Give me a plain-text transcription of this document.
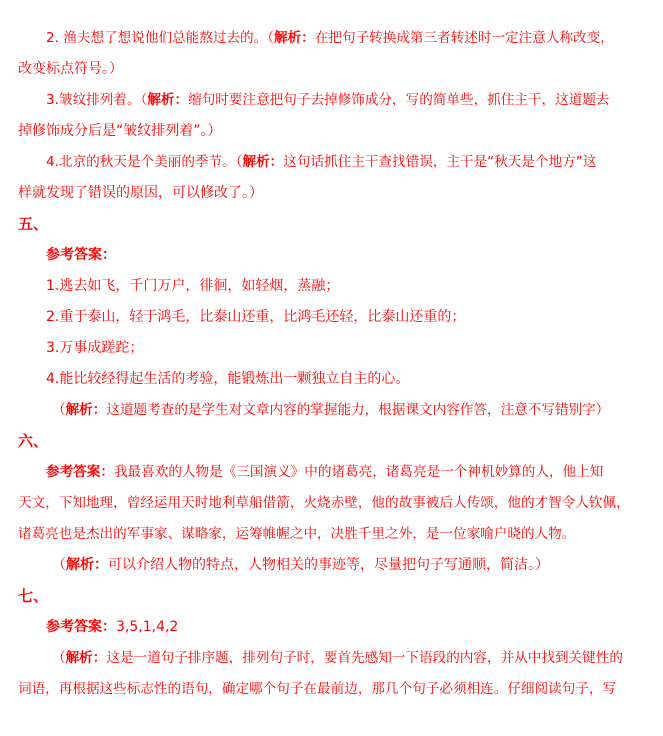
2. 渔夫想了想说他们总能熬过去的。（解析：在把句子转换成第三者转述时一定注意人称改变，
改变标点符号。）
3.皱纹排列着。（解析：缩句时要注意把句子去掉修饰成分，写的简单些，抓住主干，这道题去
掉修饰成分后是“皱纹排列着”。）
4.北京的秋天是个美丽的季节。（解析：这句话抓住主干查找错误，主干是“秋天是个地方”这
样就发现了错误的原因，可以修改了。）
五、
参考答案：
1.逃去如飞，千门万户，徘徊，如轻烟，蒸融；
2.重于泰山，轻于鸿毛，比泰山还重，比鸿毛还轻，比泰山还重的；
3.万事成蹉跎；
4.能比较经得起生活的考验，能锻炼出一颗独立自主的心。
（解析：这道题考查的是学生对文章内容的掌握能力，根据课文内容作答，注意不写错别字）
六、
参考答案：我最喜欢的人物是《三国演义》中的诸葛亮，诸葛亮是一个神机妙算的人，他上知
天文，下知地理，曾经运用天时地利草船借箭，火烧赤壁，他的故事被后人传颂，他的才智令人钦佩，
诸葛亮也是杰出的军事家、谋略家，运筹帷幄之中，决胜千里之外，是一位家喻户晓的人物。
（解析：可以介绍人物的特点，人物相关的事迹等，尽量把句子写通顺，简洁。）
七、
参考答案：3,5,1,4,2
（解析：这是一道句子排序题，排列句子时，要首先感知一下语段的内容，并从中找到关键性的
词语，再根据这些标志性的语句，确定哪个句子在最前边，那几个句子必须相连。仔细阅读句子，写
